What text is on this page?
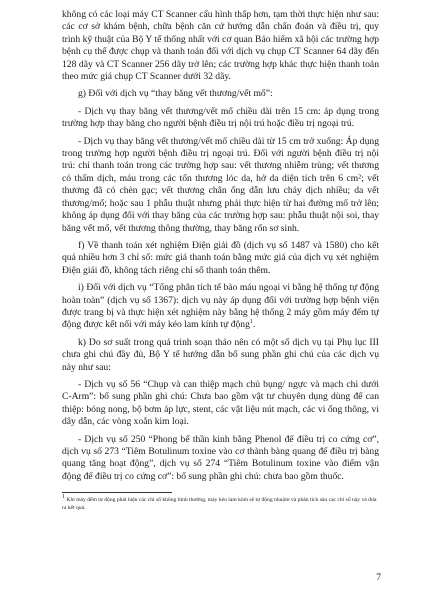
không có các loại máy CT Scanner cấu hình thấp hơn, tạm thời thực hiện như sau: các cơ sở khám bệnh, chữa bệnh căn cứ hướng dẫn chẩn đoán và điều trị, quy trình kỹ thuật của Bộ Y tế thống nhất với cơ quan Bảo hiểm xã hội các trường hợp bệnh cụ thể được chụp và thanh toán đối với dịch vụ chụp CT Scanner 64 dãy đến 128 dãy và CT Scanner 256 dãy trở lên; các trường hợp khác thực hiện thanh toán theo mức giá chụp CT Scanner dưới 32 dãy.

g) Đối với dịch vụ “thay băng vết thương/vết mổ”:

- Dịch vụ thay băng vết thương/vết mổ chiều dài trên 15 cm: áp dụng trong trường hợp thay băng cho người bệnh điều trị nội trú hoặc điều trị ngoại trú.

- Dịch vụ thay băng vết thương/vết mổ chiều dài từ 15 cm trở xuống: Áp dụng trong trường hợp người bệnh điều trị ngoại trú. Đối với người bệnh điều trị nội trú: chỉ thanh toán trong các trường hợp sau: vết thương nhiễm trùng; vết thương có thấm dịch, máu trong các tổn thương lóc da, hở da diện tích trên 6 cm²; vết thương đã có chèn gạc; vết thương chân ống dẫn lưu chảy dịch nhiều; da vết thương/mổ; hoặc sau 1 phẫu thuật nhưng phải thực hiện từ hai đường mổ trở lên; không áp dụng đối với thay băng của các trường hợp sau: phẫu thuật nội soi, thay băng vết mổ, vết thương thông thường, thay băng rốn sơ sinh.

f) Về thanh toán xét nghiệm Điện giải đồ (dịch vụ số 1487 và 1580) cho kết quả nhiều hơn 3 chỉ số: mức giá thanh toán bằng mức giá của dịch vụ xét nghiệm Điện giải đồ, không tách riêng chỉ số thanh toán thêm.

i) Đối với dịch vụ “Tổng phân tích tế bào máu ngoại vi bằng hệ thống tự động hoàn toàn” (dịch vụ số 1367): dịch vụ này áp dụng đối với trường hợp bệnh viện được trang bị và thực hiện xét nghiệm này bằng hệ thống 2 máy gồm máy đếm tự động được kết nối với máy kéo lam kính tự động$^1$.

k) Do sơ suất trong quá trình soạn thảo nên có một số dịch vụ tại Phụ lục III chưa ghi chú đầy đủ, Bộ Y tế hướng dẫn bổ sung phần ghi chú của các dịch vụ này như sau:

- Dịch vụ số 56 “Chụp và can thiệp mạch chủ bụng/ ngực và mạch chi dưới C-Arm”: bổ sung phần ghi chú: Chưa bao gồm vật tư chuyên dụng dùng để can thiệp: bóng nong, bộ bơm áp lực, stent, các vật liệu nút mạch, các vi ống thông, vi dây dẫn, các vòng xoắn kim loại.

- Dịch vụ số 250 “Phong bế thần kinh bằng Phenol để điều trị co cứng cơ”, dịch vụ số 273 “Tiêm Botulinum toxine vào cơ thành bàng quang để điều trị bàng quang tăng hoạt động”, dịch vụ số 274 “Tiêm Botulinum toxine vào điểm vận động để điều trị co cứng cơ”: bổ sung phần ghi chú: chưa bao gồm thuốc.

$^1$ Khi máy đếm tự động phát hiện các chỉ số không bình thường, máy kéo lam kính sẽ tự động nhuộm và phân tích sâu các chỉ số này và đưa ra kết quả.

7
